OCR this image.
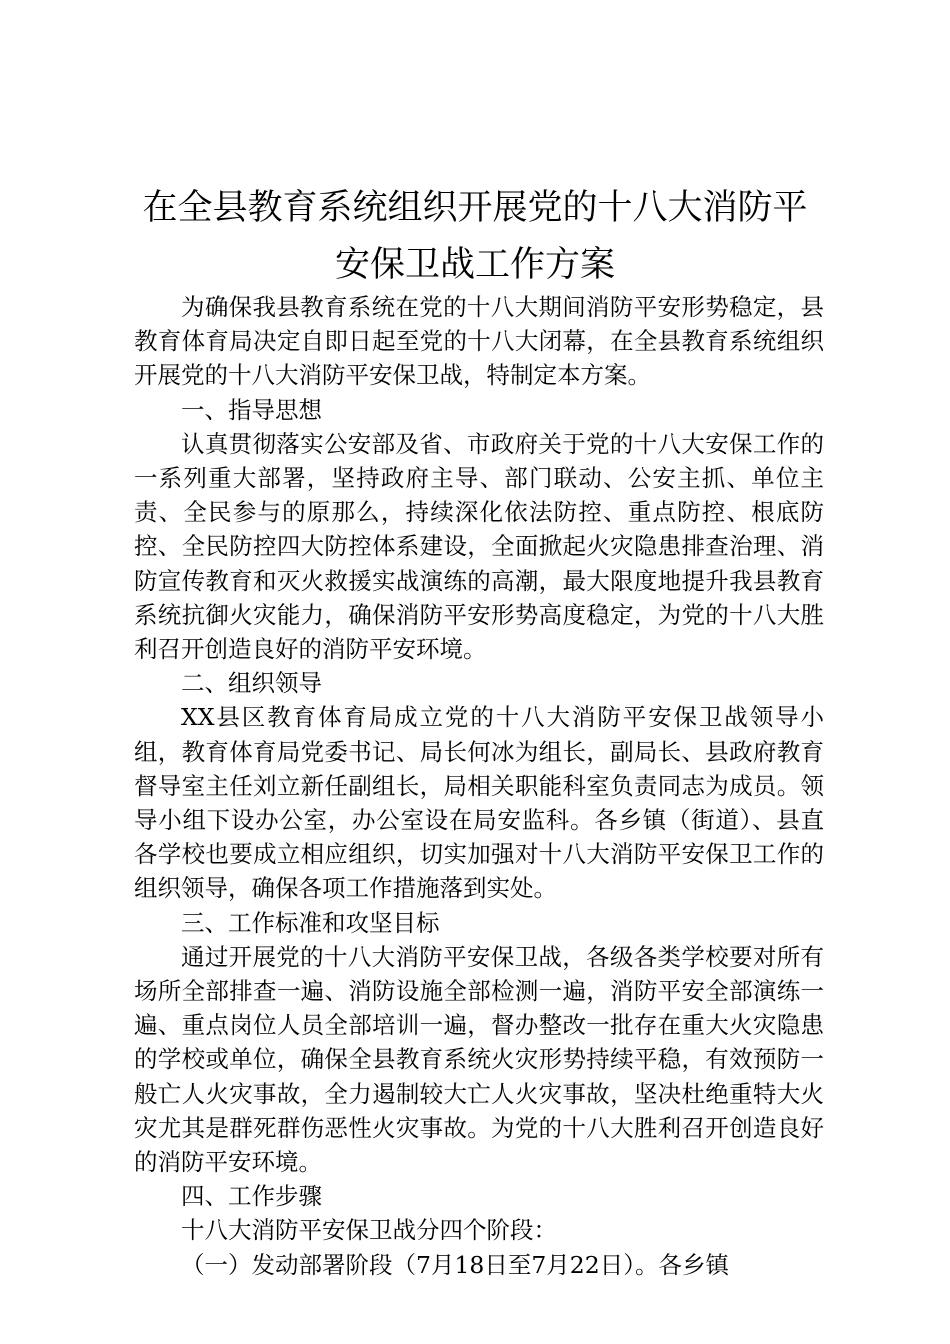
在全县教育系统组织开展党的十八大消防平
安保卫战工作方案

为确保我县教育系统在党的十八大期间消防平安形势稳定，县教育体育局决定自即日起至党的十八大闭幕，在全县教育系统组织开展党的十八大消防平安保卫战，特制定本方案。

一、指导思想

认真贯彻落实公安部及省、市政府关于党的十八大安保工作的一系列重大部署，坚持政府主导、部门联动、公安主抓、单位主责、全民参与的原那么，持续深化依法防控、重点防控、根底防控、全民防控四大防控体系建设，全面掀起火灾隐患排查治理、消防宣传教育和灭火救援实战演练的高潮，最大限度地提升我县教育系统抗御火灾能力，确保消防平安形势高度稳定，为党的十八大胜利召开创造良好的消防平安环境。

二、组织领导

XX县区教育体育局成立党的十八大消防平安保卫战领导小组，教育体育局党委书记、局长何冰为组长，副局长、县政府教育督导室主任刘立新任副组长，局相关职能科室负责同志为成员。领导小组下设办公室，办公室设在局安监科。各乡镇（街道）、县直各学校也要成立相应组织，切实加强对十八大消防平安保卫工作的组织领导，确保各项工作措施落到实处。

三、工作标准和攻坚目标

通过开展党的十八大消防平安保卫战，各级各类学校要对所有场所全部排查一遍、消防设施全部检测一遍，消防平安全部演练一遍、重点岗位人员全部培训一遍，督办整改一批存在重大火灾隐患的学校或单位，确保全县教育系统火灾形势持续平稳，有效预防一般亡人火灾事故，全力遏制较大亡人火灾事故，坚决杜绝重特大火灾尤其是群死群伤恶性火灾事故。为党的十八大胜利召开创造良好的消防平安环境。

四、工作步骤

十八大消防平安保卫战分四个阶段：

（一）发动部署阶段（7月18日至7月22日）。各乡镇
